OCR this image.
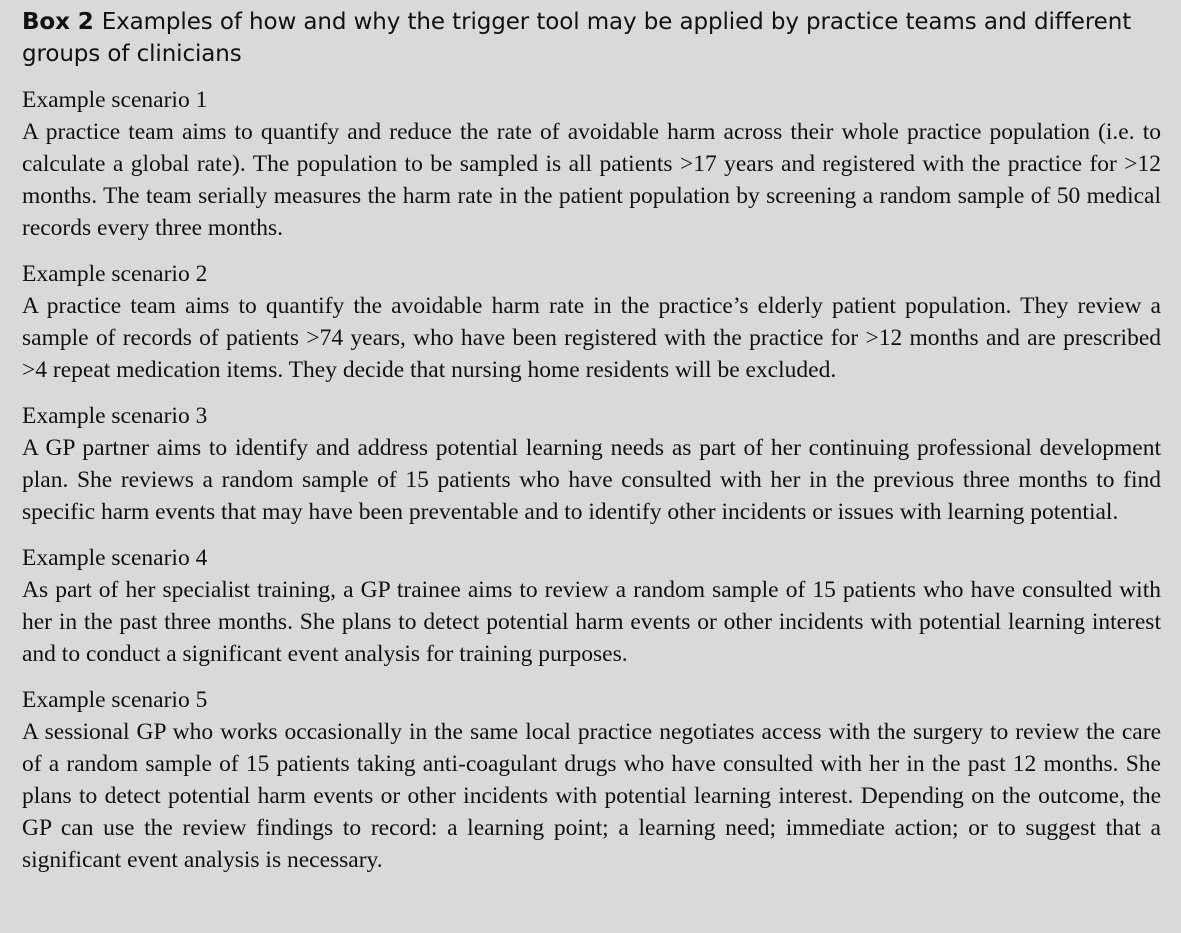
Box 2 Examples of how and why the trigger tool may be applied by practice teams and different groups of clinicians
Example scenario 1

A practice team aims to quantify and reduce the rate of avoidable harm across their whole practice population (i.e. to calculate a global rate). The population to be sampled is all patients >17 years and registered with the practice for >12 months. The team serially measures the harm rate in the patient population by screening a random sample of 50 medical records every three months.

Example scenario 2

A practice team aims to quantify the avoidable harm rate in the practice’s elderly patient population. They review a sample of records of patients >74 years, who have been registered with the practice for >12 months and are prescribed >4 repeat medication items. They decide that nursing home residents will be excluded.

Example scenario 3

A GP partner aims to identify and address potential learning needs as part of her continuing professional development plan. She reviews a random sample of 15 patients who have consulted with her in the previous three months to find specific harm events that may have been preventable and to identify other incidents or issues with learning potential.

Example scenario 4

As part of her specialist training, a GP trainee aims to review a random sample of 15 patients who have consulted with her in the past three months. She plans to detect potential harm events or other incidents with potential learning interest and to conduct a significant event analysis for training purposes.

Example scenario 5

A sessional GP who works occasionally in the same local practice negotiates access with the surgery to review the care of a random sample of 15 patients taking anti-coagulant drugs who have consulted with her in the past 12 months. She plans to detect potential harm events or other incidents with potential learning interest. Depending on the outcome, the GP can use the review findings to record: a learning point; a learning need; immediate action; or to suggest that a significant event analysis is necessary.
